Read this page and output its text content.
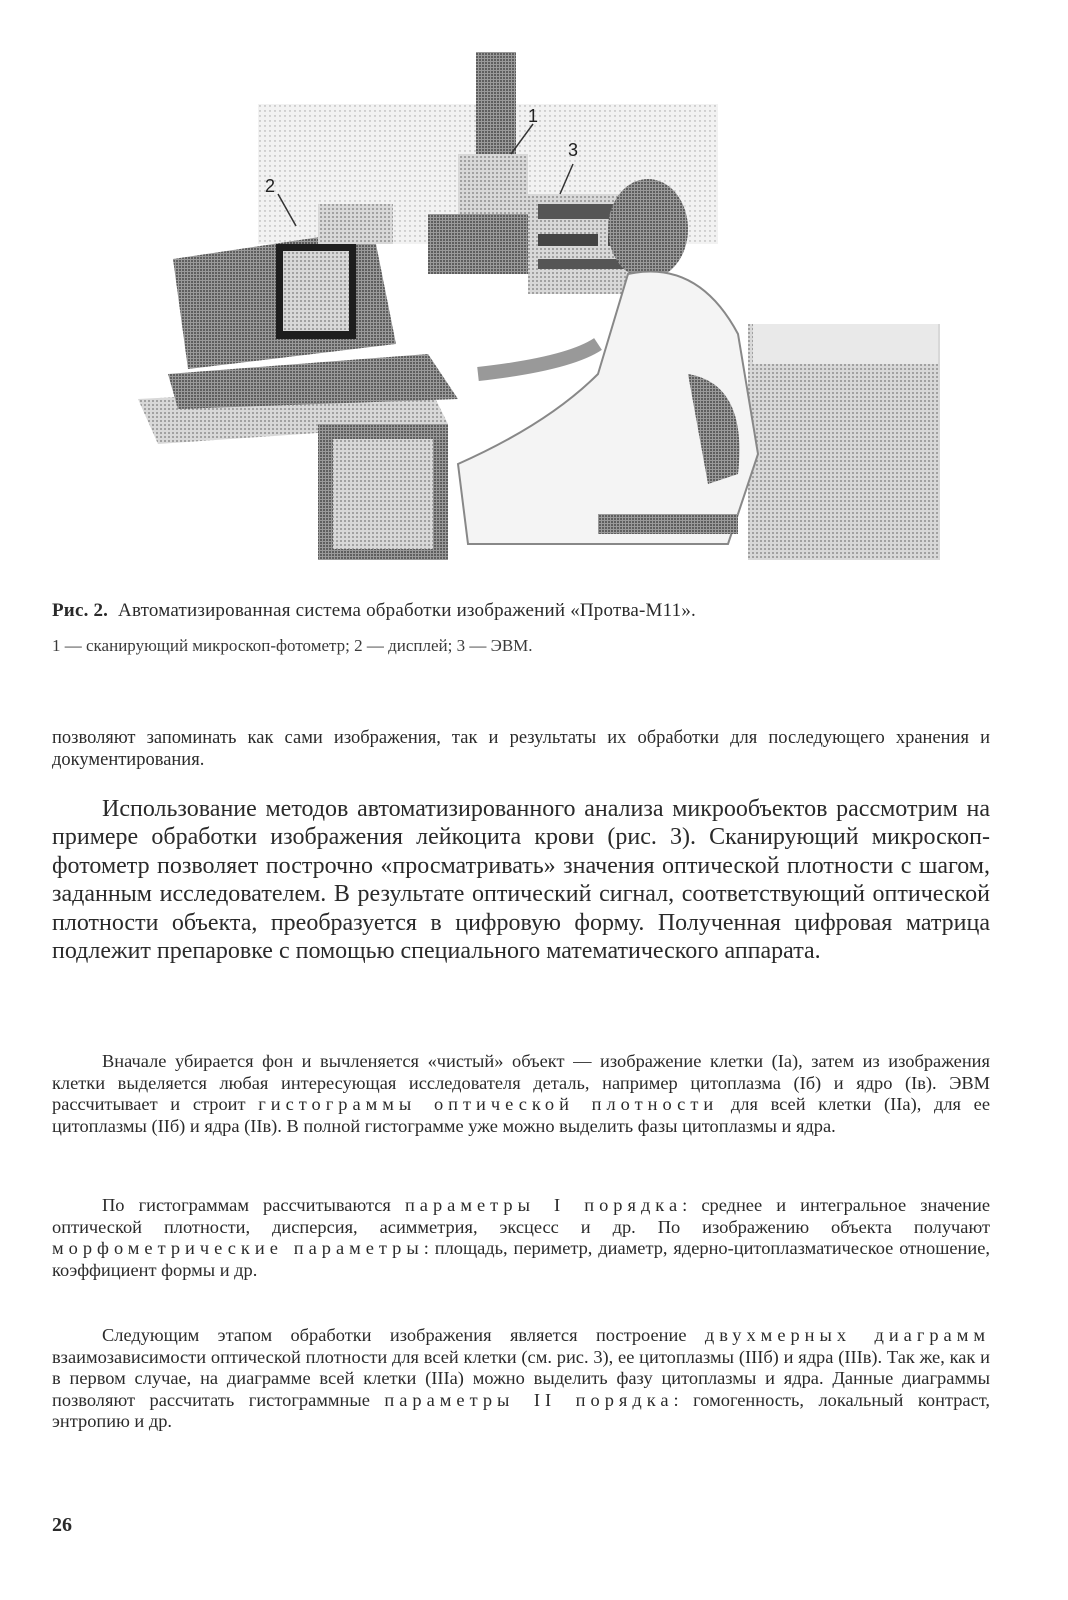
1
2
3
Рис. 2. Автоматизированная система обработки изображений «Протва-М11».
1 — сканирующий микроскоп-фотометр; 2 — дисплей; 3 — ЭВМ.
позволяют запоминать как сами изображения, так и результаты их обработки для последующего хранения и документирования.
Использование методов автоматизированного анализа микрообъектов рассмотрим на примере обработки изображения лейкоцита крови (рис. 3). Сканирующий микроскоп-фотометр позволяет построчно «просматривать» значения оптической плотности с шагом, заданным исследователем. В результате оптический сигнал, соответствующий оптической плотности объекта, преобразуется в цифровую форму. Полученная цифровая матрица подлежит препаровке с помощью специального математического аппарата.
Вначале убирается фон и вычленяется «чистый» объект — изображение клетки (Iа), затем из изображения клетки выделяется любая интересующая исследователя деталь, например цитоплазма (Iб) и ядро (Iв). ЭВМ рассчитывает и строит гистограммы оптической плотности для всей клетки (IIа), для ее цитоплазмы (IIб) и ядра (IIв). В полной гистограмме уже можно выделить фазы цитоплазмы и ядра.
По гистограммам рассчитываются параметры I порядка: среднее и интегральное значение оптической плотности, дисперсия, асимметрия, эксцесс и др. По изображению объекта получают морфометрические параметры: площадь, периметр, диаметр, ядерно-цитоплазматическое отношение, коэффициент формы и др.
Следующим этапом обработки изображения является построение двухмерных диаграмм взаимозависимости оптической плотности для всей клетки (см. рис. 3), ее цитоплазмы (IIIб) и ядра (IIIв). Так же, как и в первом случае, на диаграмме всей клетки (IIIа) можно выделить фазу цитоплазмы и ядра. Данные диаграммы позволяют рассчитать гистограммные параметры II порядка: гомогенность, локальный контраст, энтропию и др.
26
